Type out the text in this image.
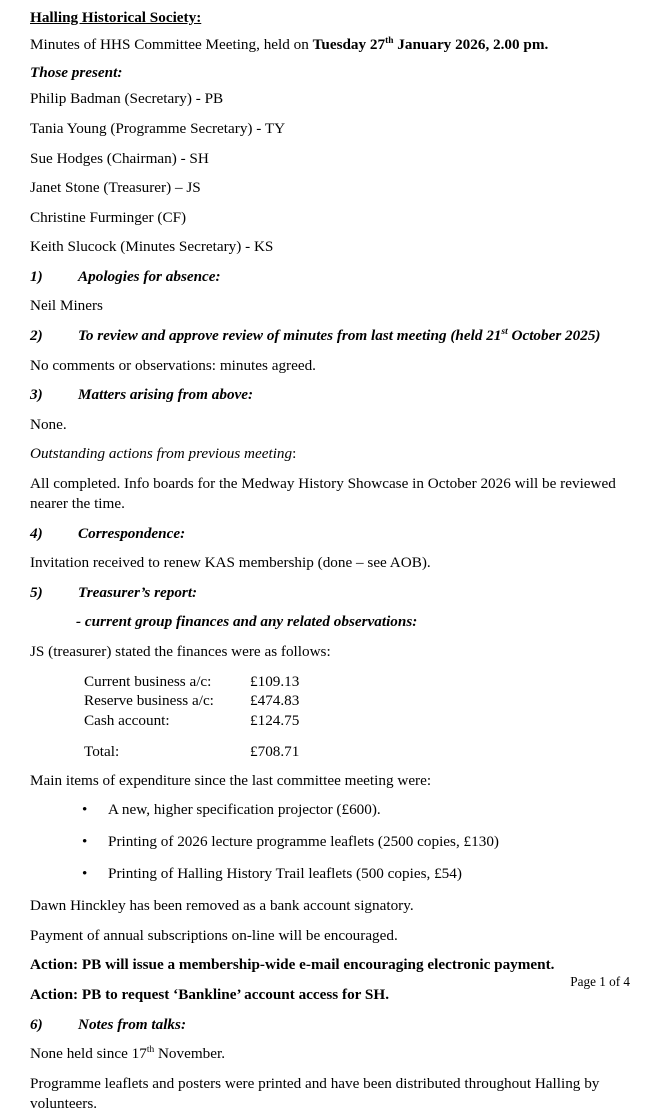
Halling Historical Society:

Minutes of HHS Committee Meeting, held on Tuesday 27th January 2026, 2.00 pm.

Those present:

Philip Badman (Secretary) - PB

Tania Young (Programme Secretary) - TY

Sue Hodges (Chairman) - SH

Janet Stone (Treasurer) – JS

Christine Furminger (CF)

Keith Slucock (Minutes Secretary) - KS

1) Apologies for absence:

Neil Miners

2) To review and approve review of minutes from last meeting (held 21st October 2025)

No comments or observations: minutes agreed.

3) Matters arising from above:

None.

Outstanding actions from previous meeting:

All completed. Info boards for the Medway History Showcase in October 2026 will be reviewed nearer the time.

4) Correspondence:

Invitation received to renew KAS membership (done – see AOB).

5) Treasurer’s report:

- current group finances and any related observations:

JS (treasurer) stated the finances were as follows:

Current business a/c:	£109.13
Reserve business a/c:	£474.83
Cash account:	£124.75
Total:	£708.71

Main items of expenditure since the last committee meeting were:

• A new, higher specification projector (£600).
• Printing of 2026 lecture programme leaflets (2500 copies, £130)
• Printing of Halling History Trail leaflets (500 copies, £54)

Dawn Hinckley has been removed as a bank account signatory.

Payment of annual subscriptions on-line will be encouraged.

Action: PB will issue a membership-wide e-mail encouraging electronic payment.

Action: PB to request ‘Bankline’ account access for SH.

6) Notes from talks:

None held since 17th November.

Programme leaflets and posters were printed and have been distributed throughout Halling by volunteers.

Page 1 of 4
